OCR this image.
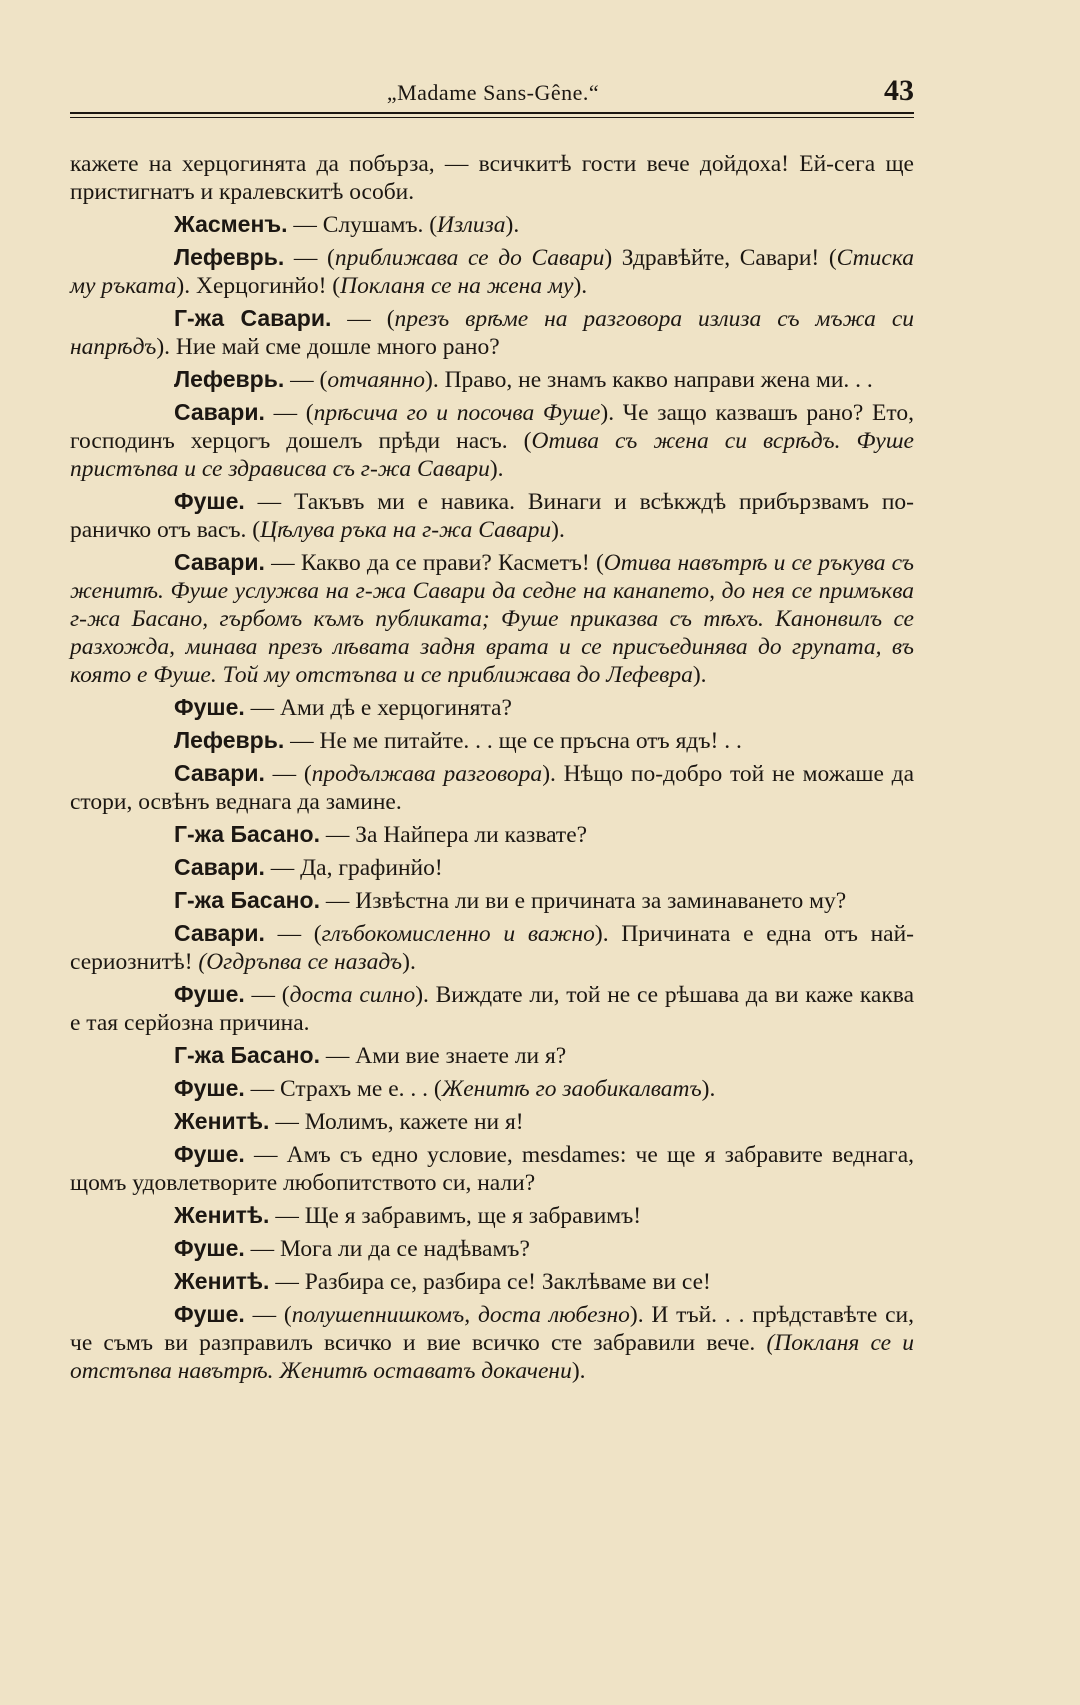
„Madame Sans-Gêne.“	43

кажете на херцогинята да побърза, — всичкитѣ гости вече дойдоха! Ей-сега ще пристигнатъ и кралевскитѣ особи.

Жасменъ. — Слушамъ. (Излиза).

Лефеврь. — (приближава се до Савари) Здравѣйте, Савари! (Стиска му ръката). Херцогинйо! (Покланя се на жена му).

Г-жа Савари. — (презъ врѣме на разговора излиза съ мъжа си напрѣдъ). Ние май сме дошле много рано?

Лефеврь. — (отчаянно). Право, не знамъ какво направи жена ми. . .

Савари. — (прѣсича го и посочва Фуше). Че защо казвашъ рано? Ето, господинъ херцогъ дошелъ прѣди насъ. (Отива съ жена си всрѣдъ. Фуше пристъпва и се здрависва съ г-жа Савари).

Фуше. — Такъвъ ми е навика. Винаги и всѣкждѣ прибързвамъ по-раничко отъ васъ. (Цѣлува ръка на г-жа Савари).

Савари. — Какво да се прави? Касметъ! (Отива навътрѣ и се ръкува съ женитѣ. Фуше услужва на г-жа Савари да седне на канапето, до нея се примъква г-жа Басано, гърбомъ къмъ публиката; Фуше приказва съ тѣхъ. Канонвилъ се разхожда, минава презъ лѣвата задня врата и се присъединява до групата, въ която е Фуше. Той му отстъпва и се приближава до Лефевра).

Фуше. — Ами дѣ е херцогинята?

Лефеврь. — Не ме питайте. . . ще се пръсна отъ ядъ! . .

Савари. — (продължава разговора). Нѣщо по-добро той не можаше да стори, освѣнъ веднага да замине.

Г-жа Басано. — За Найпера ли казвате?

Савари. — Да, графинйо!

Г-жа Басано. — Извѣстна ли ви е причината за заминаването му?

Савари. — (глъбокомисленно и важно). Причината е една отъ най-сериознитѣ! (Огдръпва се назадъ).

Фуше. — (доста силно). Виждате ли, той не се рѣшава да ви каже каква е тая серйозна причина.

Г-жа Басано. — Ами вие знаете ли я?

Фуше. — Страхъ ме е. . . (Женитѣ го заобикалватъ).

Женитѣ. — Молимъ, кажете ни я!

Фуше. — Амъ съ едно условие, mesdames: че ще я забравите веднага, щомъ удовлетворите любопитството си, нали?

Женитѣ. — Ще я забравимъ, ще я забравимъ!

Фуше. — Мога ли да се надѣвамъ?

Женитѣ. — Разбира се, разбира се! Заклѣваме ви се!

Фуше. — (полушепнишкомъ, доста любезно). И тъй. . . прѣдставѣте си, че съмъ ви разправилъ всичко и вие всичко сте забравили вече. (Покланя се и отстъпва навътрѣ. Женитѣ оставатъ докачени).
